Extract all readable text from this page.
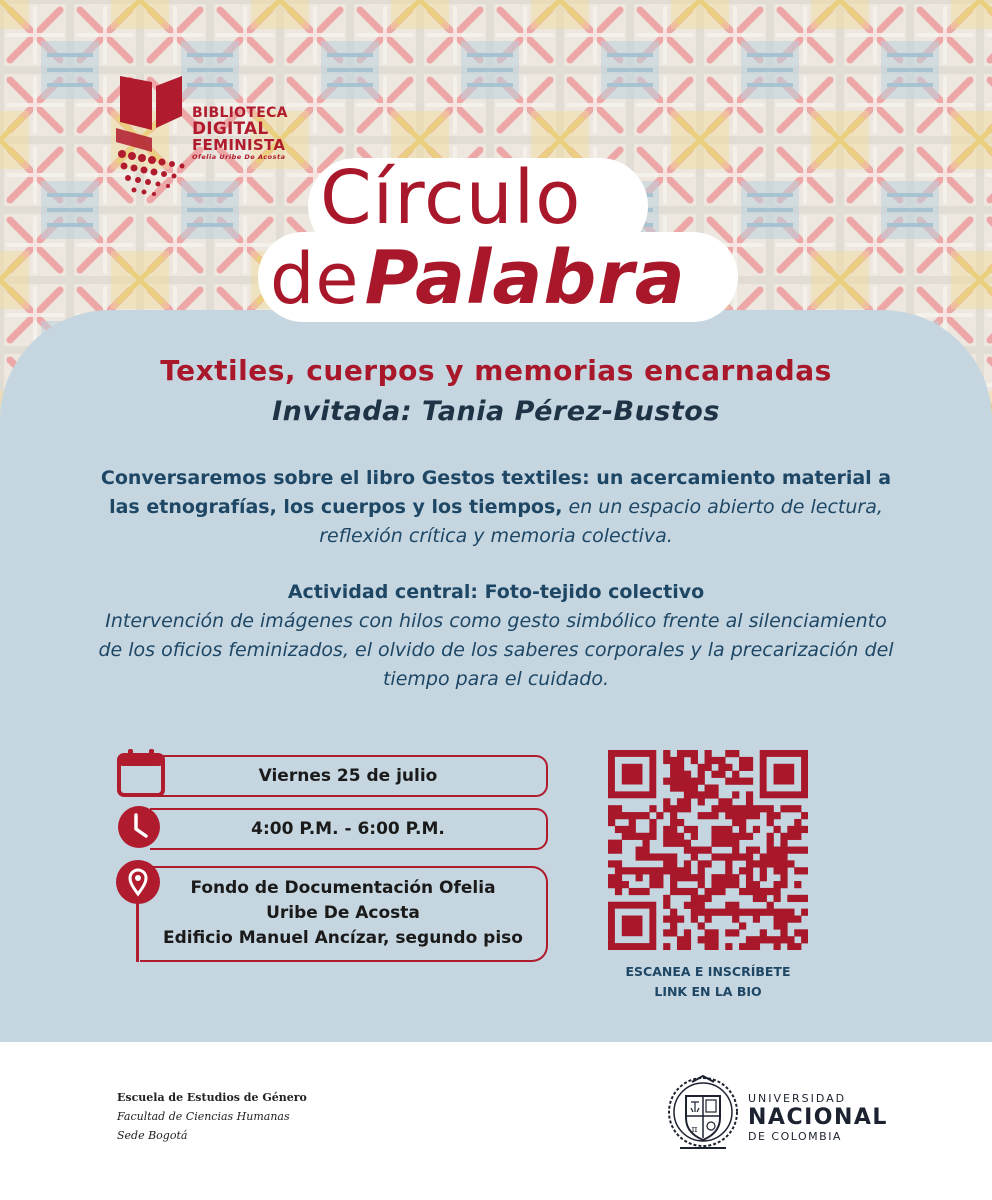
BIBLIOTECA
DIGITAL
FEMINISTA
Ofelia Uribe De Acosta Círculo
de Palabra
Textiles, cuerpos y memorias encarnadas
Invitada: Tania Pérez-Bustos
Conversaremos sobre el libro Gestos textiles: un acercamiento material a las etnografías, los cuerpos y los tiempos, en un espacio abierto de lectura, reflexión crítica y memoria colectiva.
Actividad central: Foto-tejido colectivo
Intervención de imágenes con hilos como gesto simbólico frente al silenciamiento de los oficios feminizados, el olvido de los saberes corporales y la precarización del tiempo para el cuidado.
Viernes 25 de julio
4:00 P.M. - 6:00 P.M.
Fondo de Documentación Ofelia
Uribe De Acosta
Edificio Manuel Ancízar, segundo piso
ESCANEA E INSCRÍBETE
LINK EN LA BIO
Escuela de Estudios de Género
Facultad de Ciencias Humanas
Sede Bogotá	π
UNIVERSIDAD
NACIONAL
DE COLOMBIA
